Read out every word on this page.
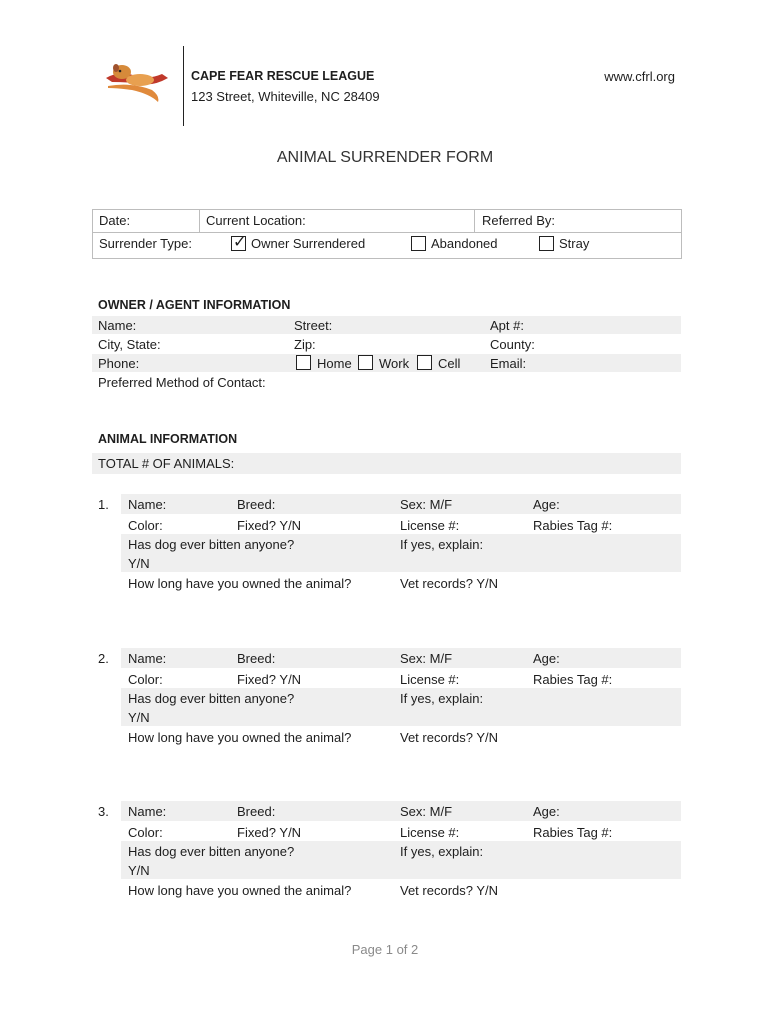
CAPE FEAR RESCUE LEAGUE
123 Street, Whiteville, NC 28409
www.cfrl.org
ANIMAL SURRENDER FORM
Date:	Current Location:	Referred By:
Surrender Type:
✓	Owner Surrendered	Abandoned	Stray
OWNER / AGENT INFORMATION
Name:	Street:	Apt #:
City, State:	Zip:	County:
Phone:	Home Work Cell Email:
Preferred Method of Contact:
ANIMAL INFORMATION
TOTAL # OF ANIMALS:
1. Name:	Breed:	Sex: M/F	Age:
Color:	Fixed? Y/N	License #:	Rabies Tag #:
Has dog ever bitten anyone?	If yes, explain:
Y/N
How long have you owned the animal?	Vet records? Y/N
2. Name:	Breed:	Sex: M/F	Age:
Color:	Fixed? Y/N	License #:	Rabies Tag #:
Has dog ever bitten anyone?	If yes, explain:
Y/N
How long have you owned the animal?	Vet records? Y/N
3. Name:	Breed:	Sex: M/F	Age:
Color:	Fixed? Y/N	License #:	Rabies Tag #:
Has dog ever bitten anyone?	If yes, explain:
Y/N
How long have you owned the animal?	Vet records? Y/N
Page 1 of 2
